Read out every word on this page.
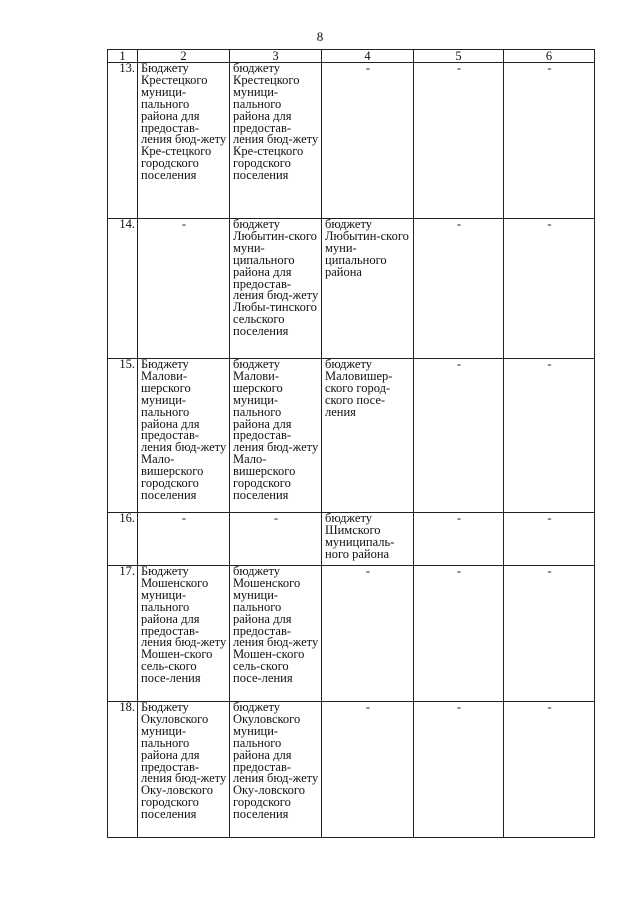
8
1	2	3	4	5	6
13.	Бюджету Крестецкого муници-пального района для предостав-ления бюд-жету Кре-стецкого городского поселения	бюджету Крестецкого муници-пального района для предостав-ления бюд-жету Кре-стецкого городского поселения	-	-	-
14.	-	бюджету Любытин-ского муни-ципального района для предостав-ления бюд-жету Любы-тинского сельского поселения	бюджету Любытин-ского муни-ципального района	-	-
15.	Бюджету Малови-шерского муници-пального района для предостав-ления бюд-жету Мало-вишерского городского поселения	бюджету Малови-шерского муници-пального района для предостав-ления бюд-жету Мало-вишерского городского поселения	бюджету Маловишер-ского город-ского посе-ления	-	-
16.	-	-	бюджету Шимского муниципаль-ного района	-	-
17.	Бюджету Мошенского муници-пального района для предостав-ления бюд-жету Мошен-ского сель-ского посе-ления	бюджету Мошенского муници-пального района для предостав-ления бюд-жету Мошен-ского сель-ского посе-ления	-	-	-
18.	Бюджету Окуловского муници-пального района для предостав-ления бюд-жету Оку-ловского городского поселения	бюджету Окуловского муници-пального района для предостав-ления бюд-жету Оку-ловского городского поселения	-	-	-
